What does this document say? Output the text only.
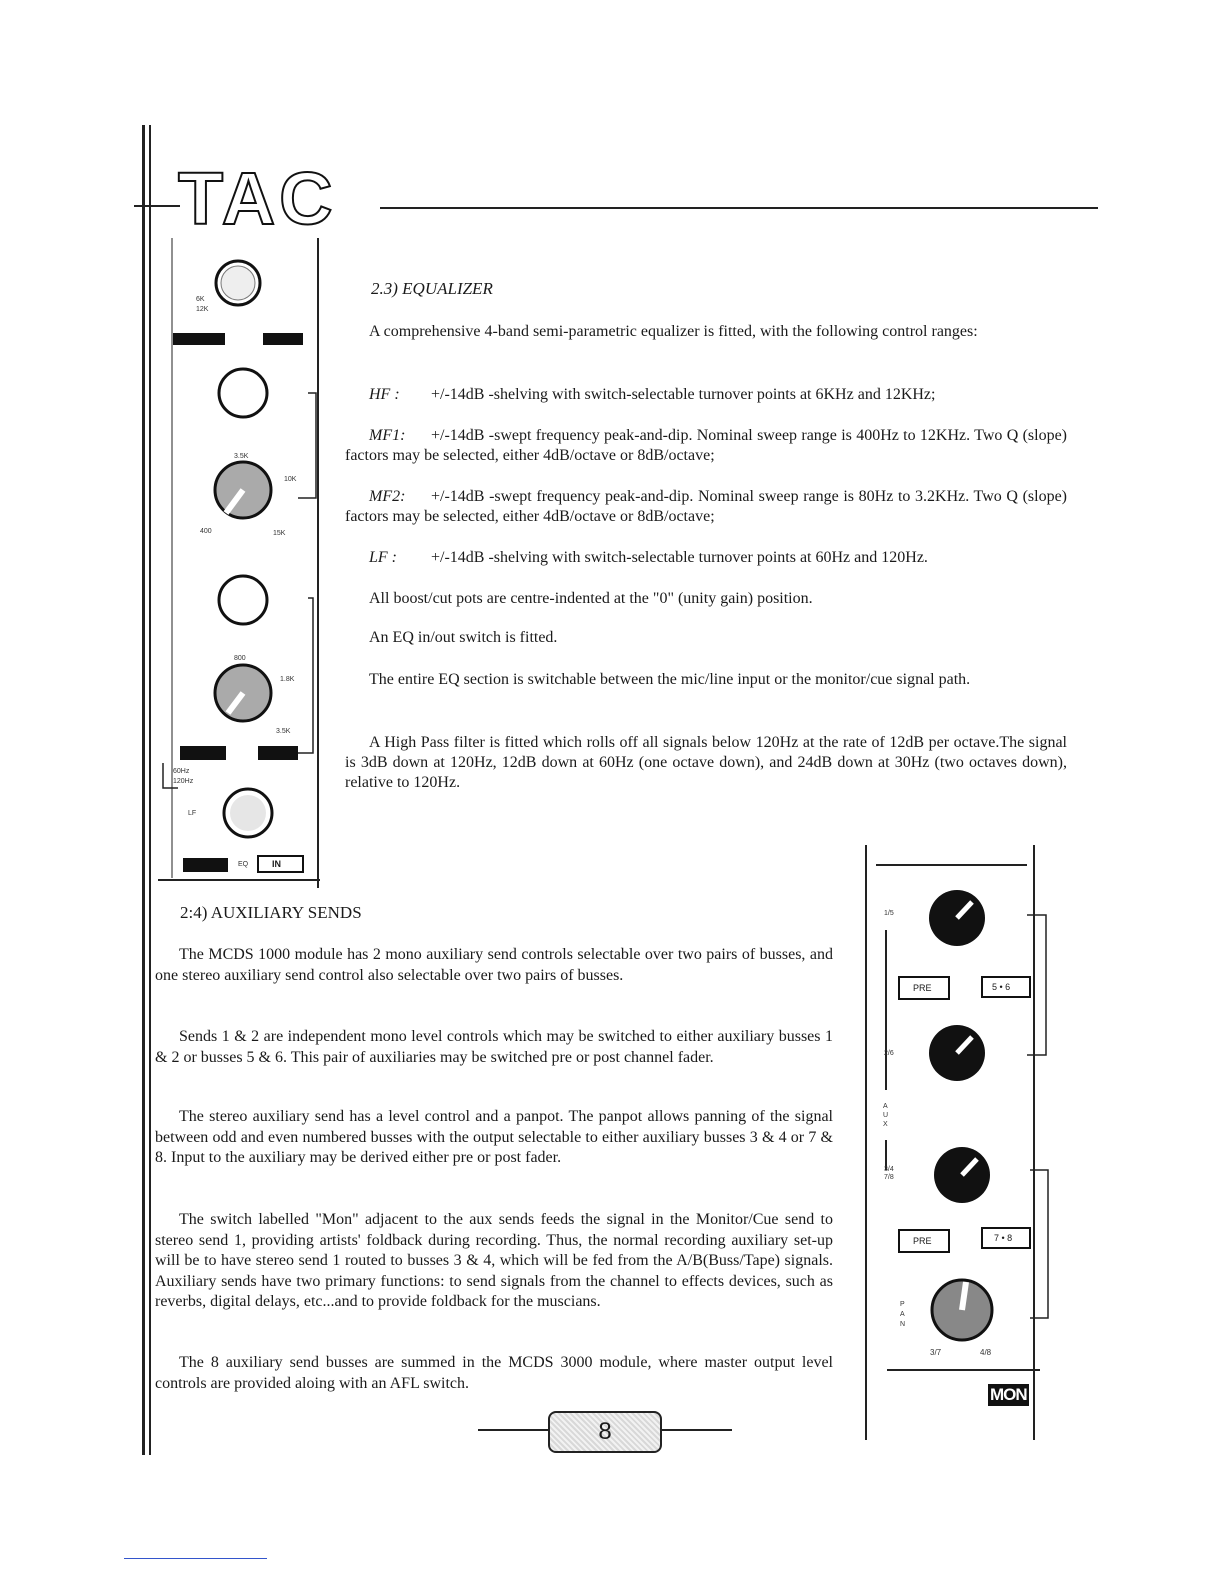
TAC
6K
12K
3.5K
10K
400	15K
800
1.8K
3.5K
60Hz
120Hz
LF
EQ	IN
2.3) EQUALIZER
A comprehensive 4-band semi-parametric equalizer is fitted, with the following control ranges:
HF : +/-14dB -shelving with switch-selectable turnover points at 6KHz and 12KHz;
MF1: +/-14dB -swept frequency peak-and-dip. Nominal sweep range is 400Hz to 12KHz. Two Q (slope) factors may be selected, either 4dB/octave or 8dB/octave;
MF2: +/-14dB -swept frequency peak-and-dip. Nominal sweep range is 80Hz to 3.2KHz. Two Q (slope) factors may be selected, either 4dB/octave or 8dB/octave;
LF : +/-14dB -shelving with switch-selectable turnover points at 60Hz and 120Hz.
All boost/cut pots are centre-indented at the "0" (unity gain) position.
An EQ in/out switch is fitted.
The entire EQ section is switchable between the mic/line input or the monitor/cue signal path.
A High Pass filter is fitted which rolls off all signals below 120Hz at the rate of 12dB per octave.The signal is 3dB down at 120Hz, 12dB down at 60Hz (one octave down), and 24dB down at 30Hz (two octaves down), relative to 120Hz.
2:4) AUXILIARY SENDS
The MCDS 1000 module has 2 mono auxiliary send controls selectable over two pairs of busses, and one stereo auxiliary send control also selectable over two pairs of busses.
Sends 1 & 2 are independent mono level controls which may be switched to either auxiliary busses 1 & 2 or busses 5 & 6. This pair of auxiliaries may be switched pre or post channel fader.
The stereo auxiliary send has a level control and a panpot. The panpot allows panning of the signal between odd and even numbered busses with the output selectable to either auxiliary busses 3 & 4 or 7 & 8. Input to the auxiliary may be derived either pre or post fader.
The switch labelled "Mon" adjacent to the aux sends feeds the signal in the Monitor/Cue send to stereo send 1, providing artists' foldback during recording. Thus, the normal recording auxiliary set-up will be to have stereo send 1 routed to busses 3 & 4, which will be fed from the A/B(Buss/Tape) signals. Auxiliary sends have two primary functions: to send signals from the channel to effects devices, such as reverbs, digital delays, etc...and to provide foldback for the muscians.
The 8 auxiliary send busses are summed in the MCDS 3000 module, where master output level controls are provided aloing with an AFL switch.
1/5
2/6
3/4 7/8
PRE	5 • 6
PRE	7 • 8
AUX
PAN
3/7	4/8
MON
8
